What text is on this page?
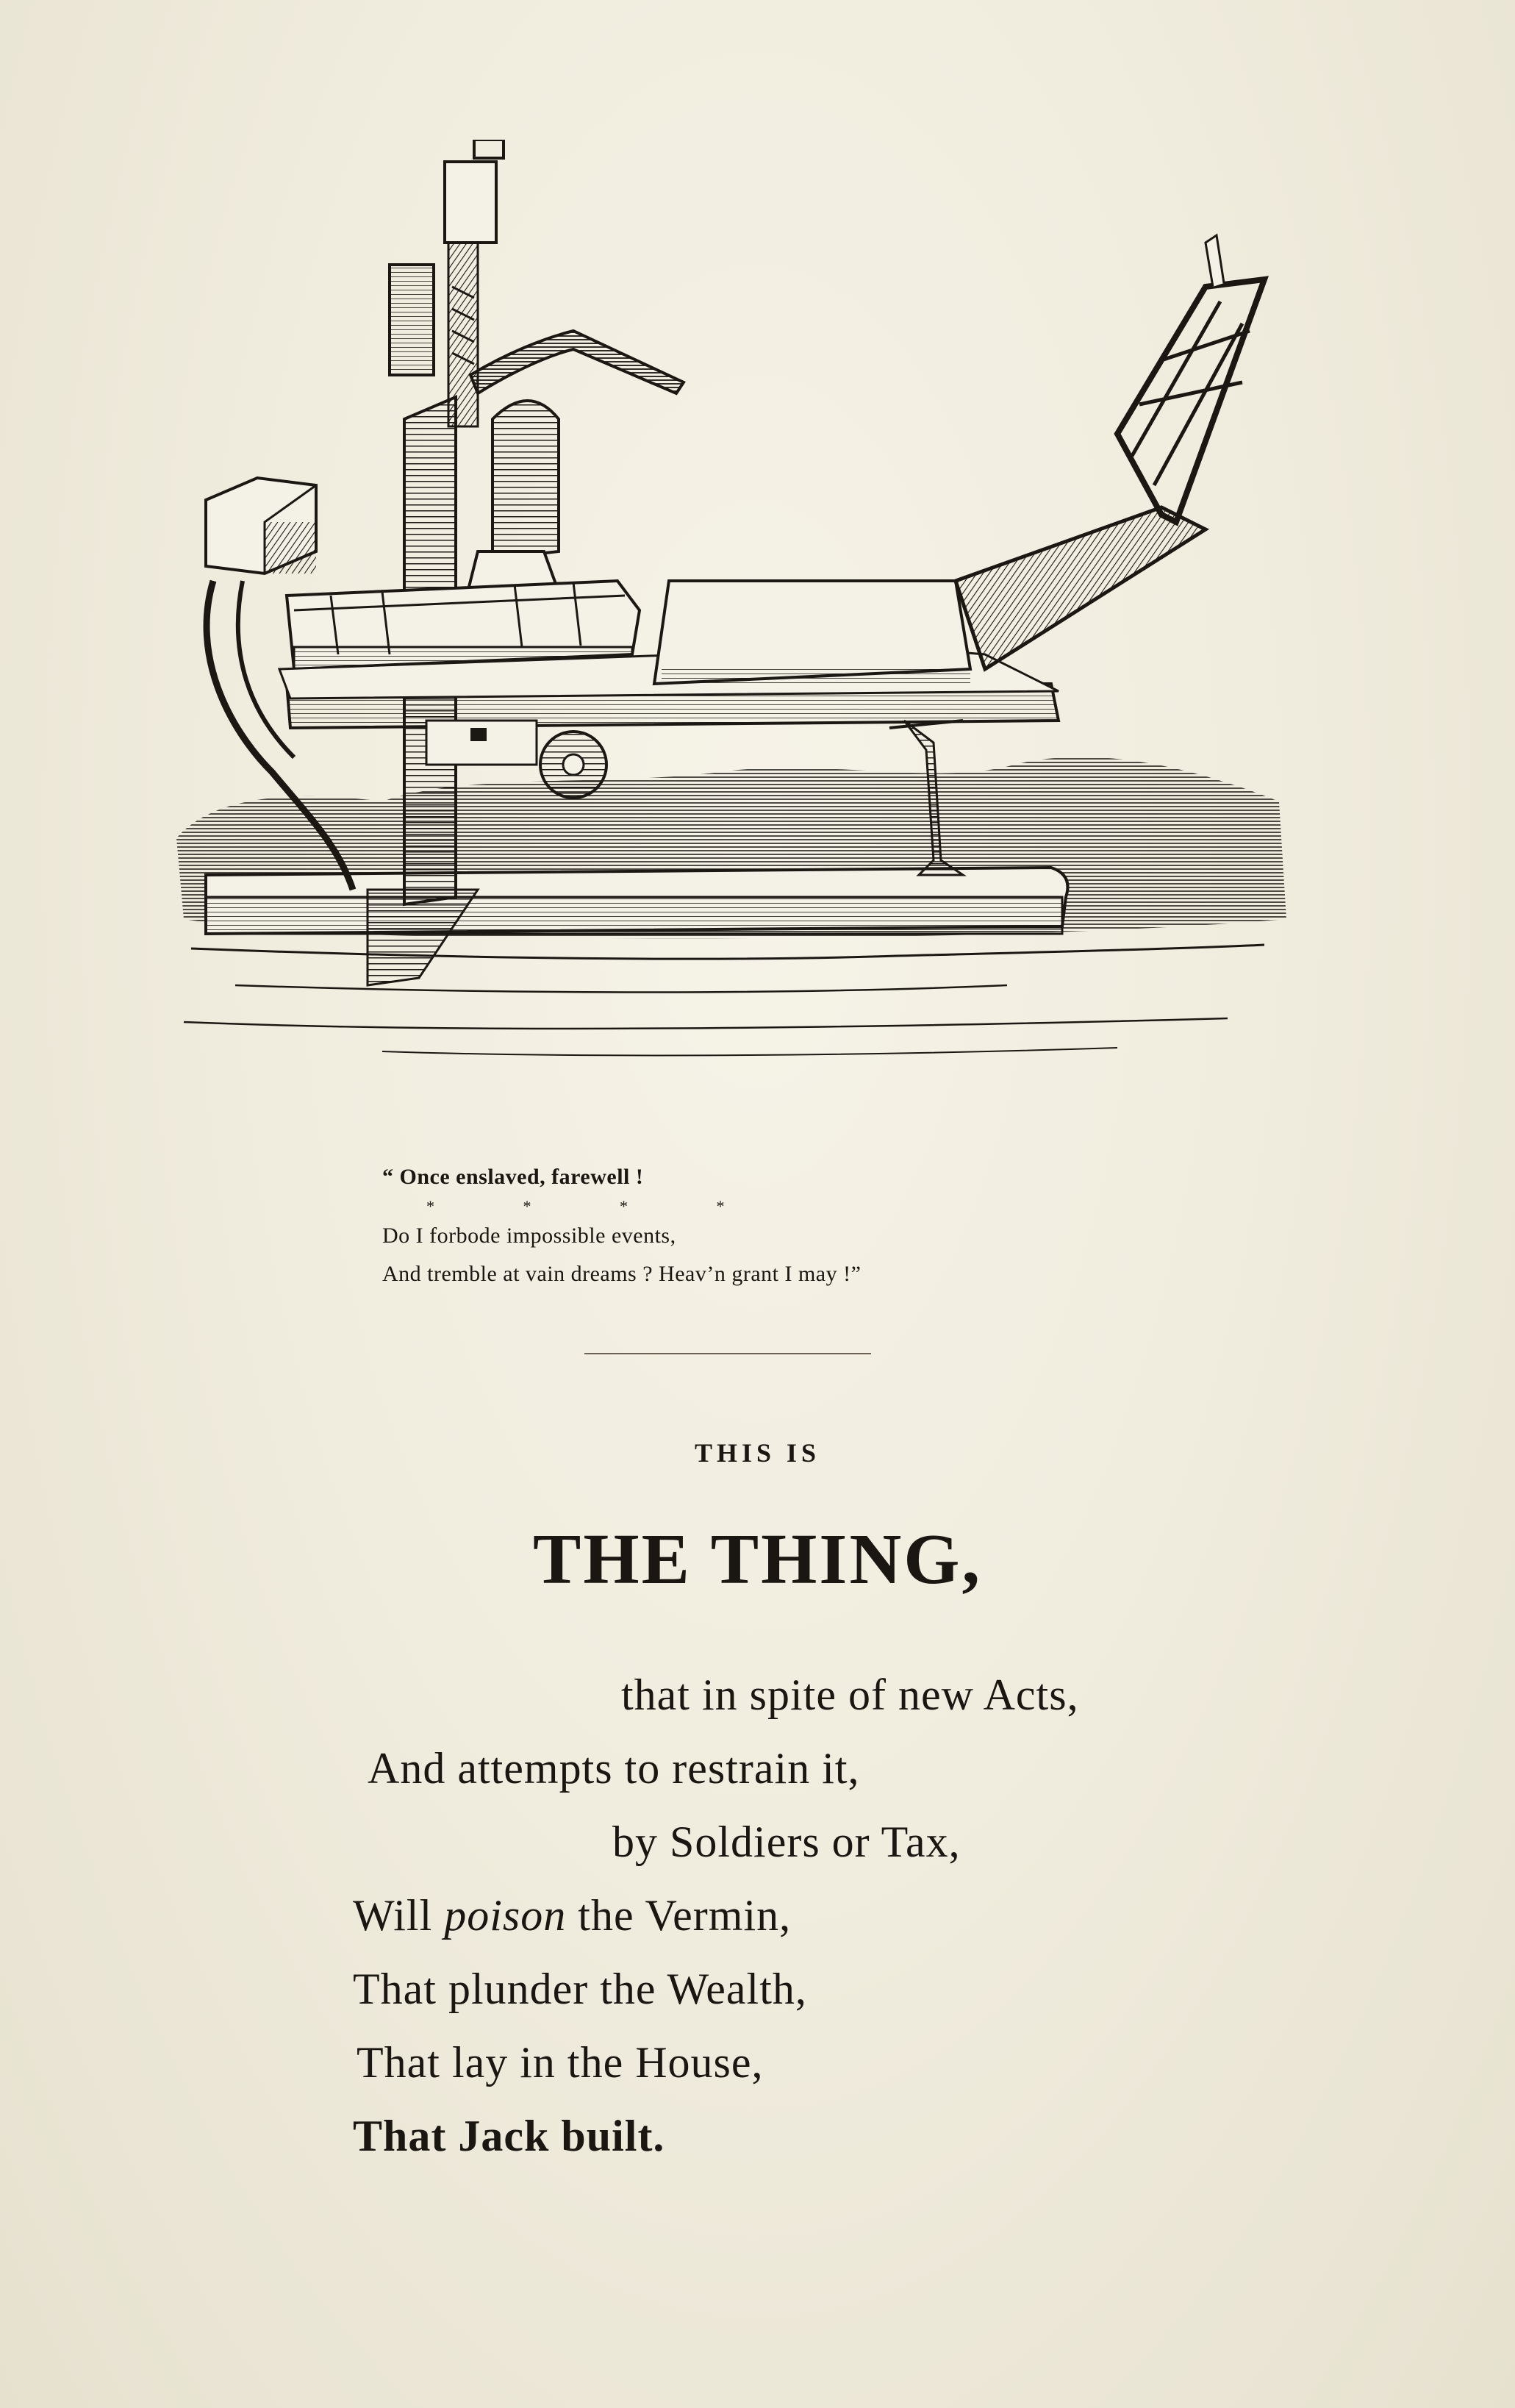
“ Once enslaved, farewell !
*	*	*	*
Do I forbode impossible events,
And tremble at vain dreams ? Heav’n grant I may !”
THIS IS
THE THING,
that in spite of new Acts,
And attempts to restrain it,
by Soldiers or Tax,
Will poison the Vermin,
That plunder the Wealth,
That lay in the House,
That Jack built.
